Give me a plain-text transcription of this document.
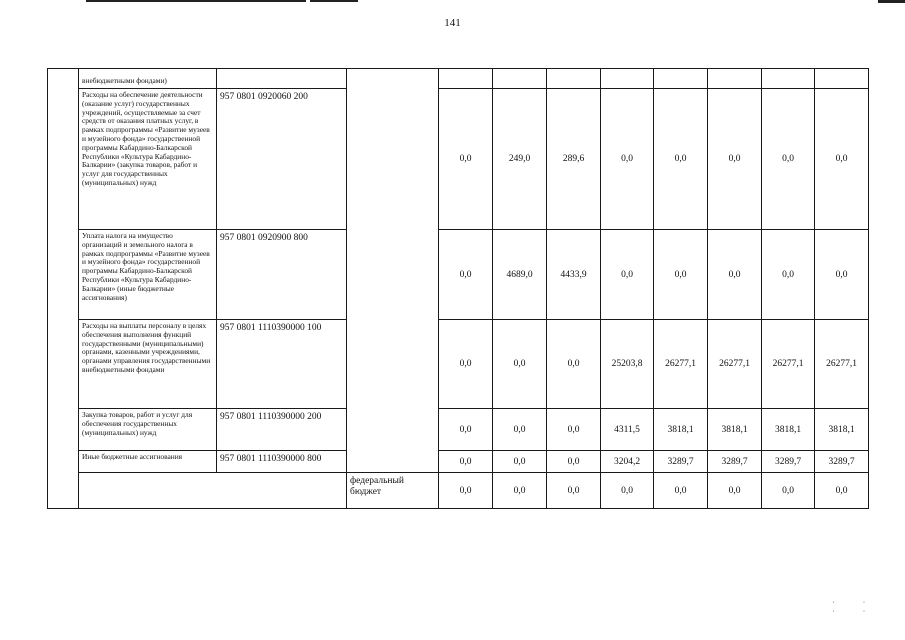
141
	внебюджетными фондами)										
	Расходы на обеспечение деятельности (оказание услуг) государственных учреждений, осуществляемые за счет средств от оказания платных услуг, в рамках подпрограммы «Развитие музеев и музейного фонда» государственной программы Кабардино-Балкарской Республики «Культура Кабардино-Балкарии» (закупка товаров, работ и услуг для государственных (муниципальных) нужд	957 0801 0920060 200		0,0	249,0	289,6	0,0	0,0	0,0	0,0	0,0
	Уплата налога на имущество организаций и земельного налога в рамках подпрограммы «Развитие музеев и музейного фонда» государственной программы Кабардино-Балкарской Республики «Культура Кабардино-Балкарии» (иные бюджетные ассигнования)	957 0801 0920900 800		0,0	4689,0	4433,9	0,0	0,0	0,0	0,0	0,0
	Расходы на выплаты персоналу в целях обеспечения выполнения функций государственными (муниципальными) органами, казенными учреждениями, органами управления государственными внебюджетными фондами	957 0801 1110390000 100		0,0	0,0	0,0	25203,8	26277,1	26277,1	26277,1	26277,1
	Закупка товаров, работ и услуг для обеспечения государственных (муниципальных) нужд	957 0801 1110390000 200		0,0	0,0	0,0	4311,5	3818,1	3818,1	3818,1	3818,1
	Иные бюджетные ассигнования	957 0801 1110390000 800		0,0	0,0	0,0	3204,2	3289,7	3289,7	3289,7	3289,7
			федеральный бюджет	0,0	0,0	0,0	0,0	0,0	0,0	0,0	0,0
˙˙ ˙˙
